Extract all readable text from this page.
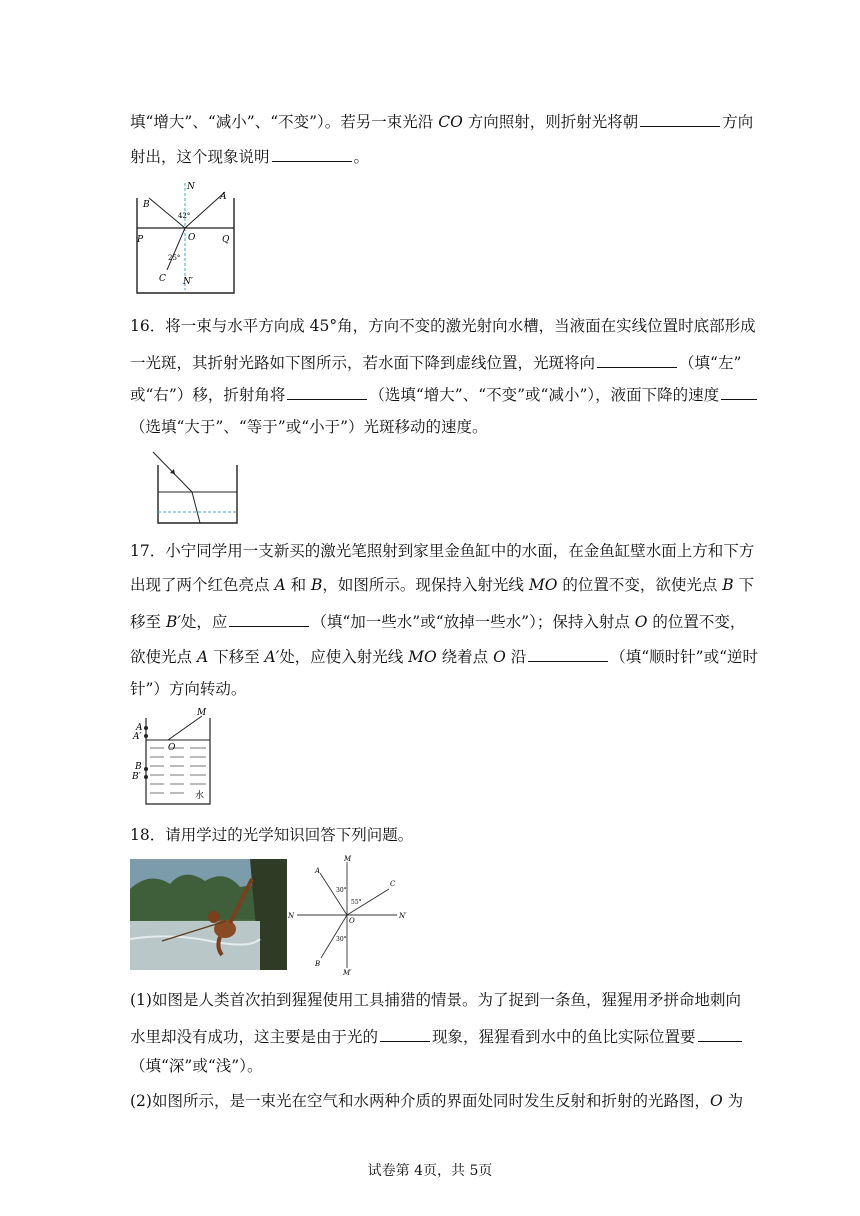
填“增大”、“减小”、“不变”）。若另一束光沿 CO 方向照射，则折射光将朝	方向
射出，这个现象说明	。
N
A
B
42°
P	O	Q
25°
C N′
16．将一束与水平方向成 45°角，方向不变的激光射向水槽，当液面在实线位置时底部形成
一光斑，其折射光路如下图所示，若水面下降到虚线位置，光斑将向	（填“左”
或“右”）移，折射角将	（选填“增大”、“不变”或“减小”），液面下降的速度
（选填“大于”、“等于”或“小于”）光斑移动的速度。
17．小宁同学用一支新买的激光笔照射到家里金鱼缸中的水面，在金鱼缸壁水面上方和下方
出现了两个红色亮点 A 和 B，如图所示。现保持入射光线 MO 的位置不变，欲使光点 B 下
移至 B′处，应	（填“加一些水”或“放掉一些水”）；保持入射点 O 的位置不变，
欲使光点 A 下移至 A′处，应使入射光线 MO 绕着点 O 沿	（填“顺时针”或“逆时
针”）方向转动。
M
A
A′
O
B
B′
水
18．请用学过的光学知识回答下列问题。
M
A
C
30°
55°
N
O
N′
30°
B
M′
(1)如图是人类首次拍到猩猩使用工具捕猎的情景。为了捉到一条鱼，猩猩用矛拼命地刺向
水里却没有成功，这主要是由于光的	现象，猩猩看到水中的鱼比实际位置要
（填“深”或“浅”）。
(2)如图所示，是一束光在空气和水两种介质的界面处同时发生反射和折射的光路图，O 为
试卷第 4页，共 5页
